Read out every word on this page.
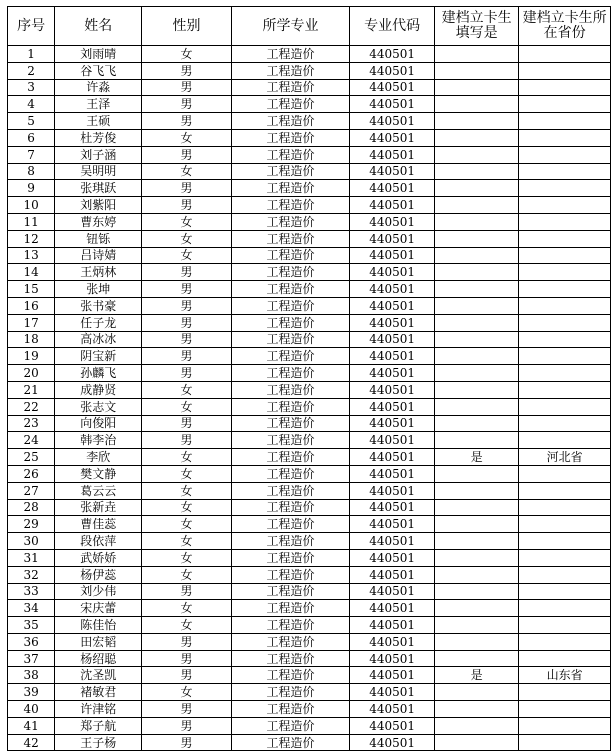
序号	姓名	性别	所学专业	专业代码	建档立卡生填写是	建档立卡生所在省份
1	刘雨晴	女	工程造价	440501		
2	谷飞飞	男	工程造价	440501		
3	许淼	男	工程造价	440501		
4	王泽	男	工程造价	440501		
5	王硕	男	工程造价	440501		
6	杜芳俊	女	工程造价	440501		
7	刘子涵	男	工程造价	440501		
8	吴明明	女	工程造价	440501		
9	张琪跃	男	工程造价	440501		
10	刘紫阳	男	工程造价	440501		
11	曹东婷	女	工程造价	440501		
12	钮铄	女	工程造价	440501		
13	吕诗婧	女	工程造价	440501		
14	王炳林	男	工程造价	440501		
15	张坤	男	工程造价	440501		
16	张书豪	男	工程造价	440501		
17	任子龙	男	工程造价	440501		
18	高冰冰	男	工程造价	440501		
19	阴宝新	男	工程造价	440501		
20	孙麟飞	男	工程造价	440501		
21	成静贤	女	工程造价	440501		
22	张志文	女	工程造价	440501		
23	向俊阳	男	工程造价	440501		
24	韩李治	男	工程造价	440501		
25	李欣	女	工程造价	440501	是	河北省
26	樊文静	女	工程造价	440501		
27	葛云云	女	工程造价	440501		
28	张新垚	女	工程造价	440501		
29	曹佳蕊	女	工程造价	440501		
30	段依萍	女	工程造价	440501		
31	武娇娇	女	工程造价	440501		
32	杨伊蕊	女	工程造价	440501		
33	刘少伟	男	工程造价	440501		
34	宋庆蕾	女	工程造价	440501		
35	陈佳怡	女	工程造价	440501		
36	田宏韬	男	工程造价	440501		
37	杨绍聪	男	工程造价	440501		
38	沈圣凯	男	工程造价	440501	是	山东省
39	褚敏君	女	工程造价	440501		
40	许津铭	男	工程造价	440501		
41	郑子航	男	工程造价	440501		
42	王子杨	男	工程造价	440501		
